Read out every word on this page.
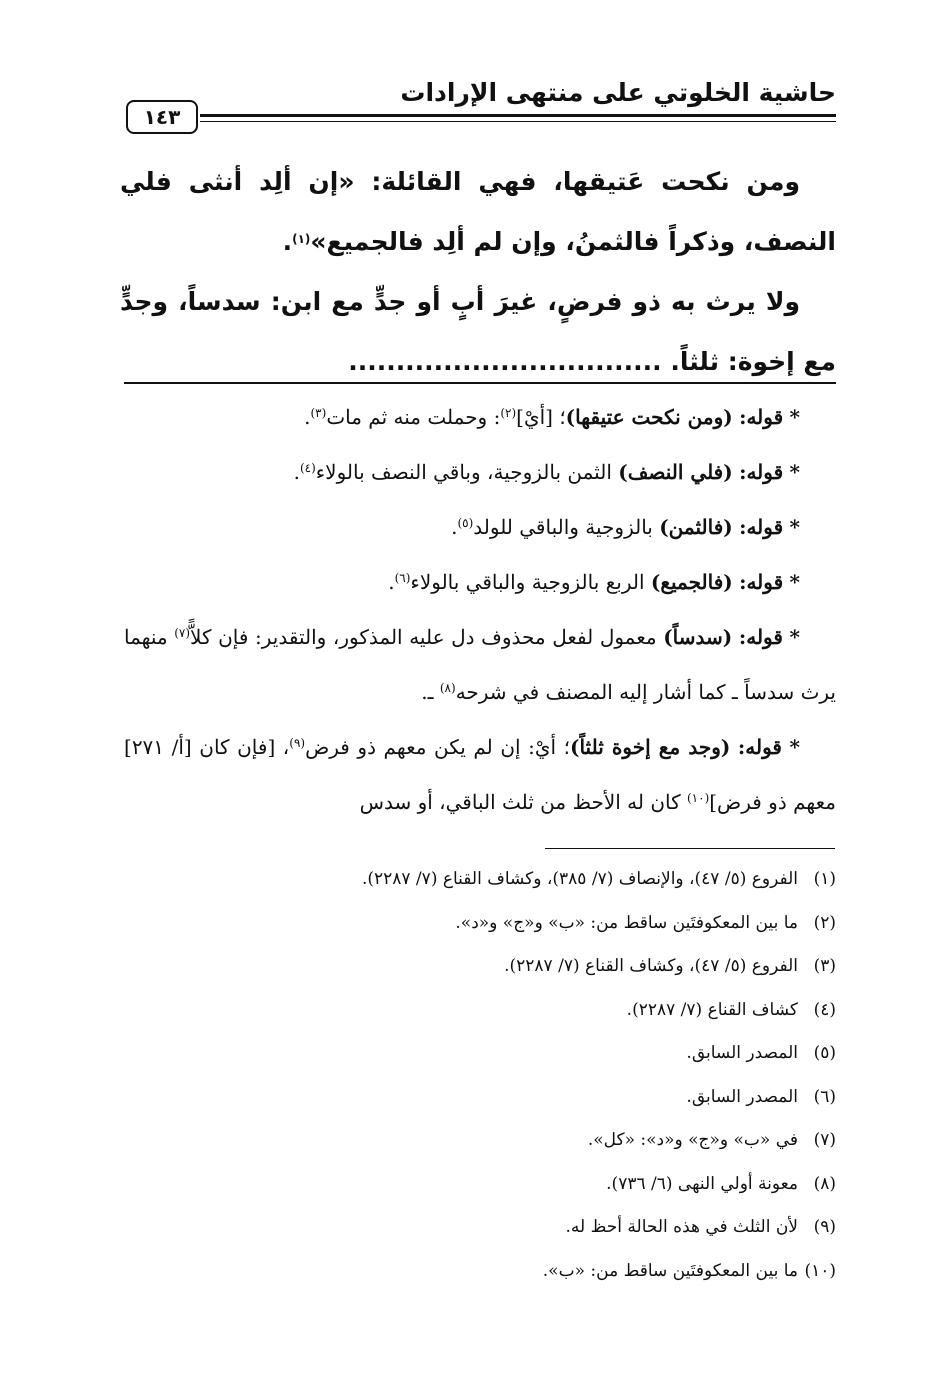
حاشية الخلوتي على منتهى الإرادات
١٤٣

ومن نكحت عَتيقها، فهي القائلة: «إن ألِد أنثى فلي النصف، وذكراً فالثمنُ، وإن لم ألِد فالجميع»$^{(١)}$.

ولا يرث به ذو فرضٍ، غيرَ أبٍ أو جدٍّ مع ابن: سدساً، وجدٍّ مع إخوة: ثلثاً. .................................

* قوله: (ومن نكحت عتيقها)؛ [أيْ]$^{(٢)}$: وحملت منه ثم مات$^{(٣)}$.

* قوله: (فلي النصف) الثمن بالزوجية، وباقي النصف بالولاء$^{(٤)}$.

* قوله: (فالثمن) بالزوجية والباقي للولد$^{(٥)}$.

* قوله: (فالجميع) الربع بالزوجية والباقي بالولاء$^{(٦)}$.

* قوله: (سدساً) معمول لفعل محذوف دل عليه المذكور، والتقدير: فإن كلاًّ$^{(٧)}$ منهما يرث سدساً ـ كما أشار إليه المصنف في شرحه$^{(٨)}$ ـ.

* قوله: (وجد مع إخوة ثلثاً)؛ أيْ: إن لم يكن معهم ذو فرض$^{(٩)}$، [فإن كان [أ/ ٢٧١] معهم ذو فرض]$^{(١٠)}$ كان له الأحظ من ثلث الباقي، أو سدس

(١)الفروع (٥/ ٤٧)، والإنصاف (٧/ ٣٨٥)، وكشاف القناع (٧/ ٢٢٨٧).
(٢)ما بين المعكوفتَين ساقط من: «ب» و«ج» و«د».
(٣)الفروع (٥/ ٤٧)، وكشاف القناع (٧/ ٢٢٨٧).
(٤)كشاف القناع (٧/ ٢٢٨٧).
(٥)المصدر السابق.
(٦)المصدر السابق.
(٧)في «ب» و«ج» و«د»: «كل».
(٨)معونة أولي النهى (٦/ ٧٣٦).
(٩)لأن الثلث في هذه الحالة أحظ له.
(١٠)ما بين المعكوفتَين ساقط من: «ب».
